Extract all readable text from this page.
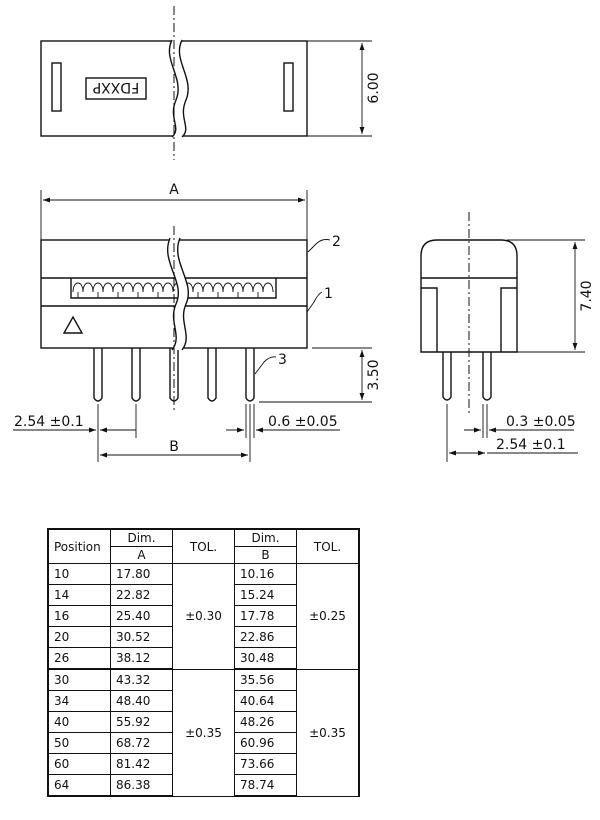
FDXXP	6.00
A
2
1
3	3.50
2.54 ±0.1	0.6 ±0.05
B
7.40
0.3 ±0.05
2.54 ±0.1
Position	Dim.	TOL.	Dim.	TOL.
	A		B	
10	17.80	±0.30	10.16	±0.25
14	22.82		15.24	
16	25.40		17.78	
20	30.52		22.86	
26	38.12		30.48	
30	43.32	±0.35	35.56	±0.35
34	48.40		40.64	
40	55.92		48.26	
50	68.72		60.96	
60	81.42		73.66	
64	86.38		78.74	
